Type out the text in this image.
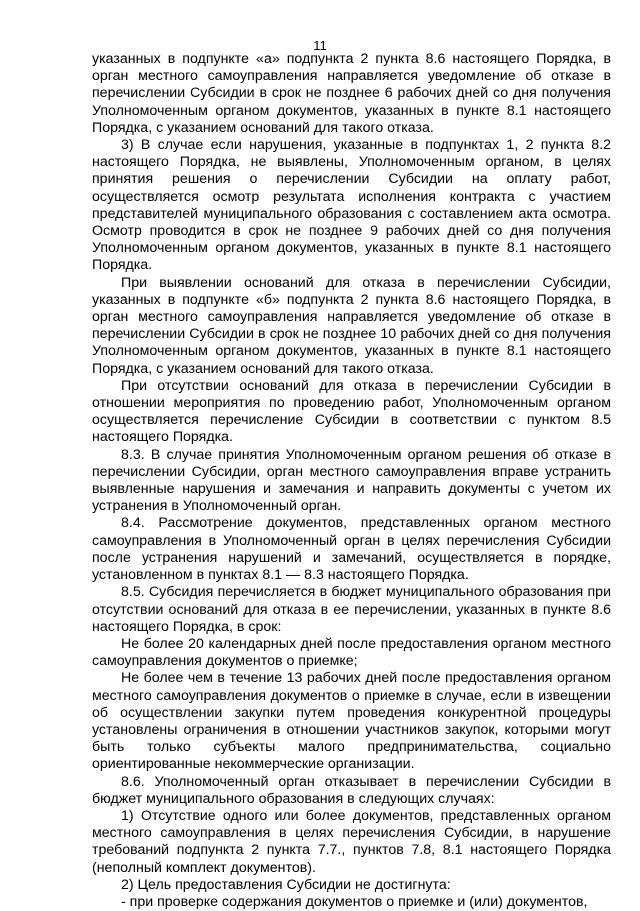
11

указанных в подпункте «а» подпункта 2 пункта 8.6 настоящего Порядка, в орган местного самоуправления направляется уведомление об отказе в перечислении Субсидии в срок не позднее 6 рабочих дней со дня получения Уполномоченным органом документов, указанных в пункте 8.1 настоящего Порядка, с указанием оснований для такого отказа.

3) В случае если нарушения, указанные в подпунктах 1, 2 пункта 8.2 настоящего Порядка, не выявлены, Уполномоченным органом, в целях принятия решения о перечислении Субсидии на оплату работ, осуществляется осмотр результата исполнения контракта с участием представителей муниципального образования с составлением акта осмотра. Осмотр проводится в срок не позднее 9 рабочих дней со дня получения Уполномоченным органом документов, указанных в пункте 8.1 настоящего Порядка.

При выявлении оснований для отказа в перечислении Субсидии, указанных в подпункте «б» подпункта 2 пункта 8.6 настоящего Порядка, в орган местного самоуправления направляется уведомление об отказе в перечислении Субсидии в срок не позднее 10 рабочих дней со дня получения Уполномоченным органом документов, указанных в пункте 8.1 настоящего Порядка, с указанием оснований для такого отказа.

При отсутствии оснований для отказа в перечислении Субсидии в отношении мероприятия по проведению работ, Уполномоченным органом осуществляется перечисление Субсидии в соответствии с пунктом 8.5 настоящего Порядка.

8.3. В случае принятия Уполномоченным органом решения об отказе в перечислении Субсидии, орган местного самоуправления вправе устранить выявленные нарушения и замечания и направить документы с учетом их устранения в Уполномоченный орган.

8.4. Рассмотрение документов, представленных органом местного самоуправления в Уполномоченный орган в целях перечисления Субсидии после устранения нарушений и замечаний, осуществляется в порядке, установленном в пунктах 8.1 — 8.3 настоящего Порядка.

8.5. Субсидия перечисляется в бюджет муниципального образования при отсутствии оснований для отказа в ее перечислении, указанных в пункте 8.6 настоящего Порядка, в срок:

Не более 20 календарных дней после предоставления органом местного самоуправления документов о приемке;

Не более чем в течение 13 рабочих дней после предоставления органом местного самоуправления документов о приемке в случае, если в извещении об осуществлении закупки путем проведения конкурентной процедуры установлены ограничения в отношении участников закупок, которыми могут быть только субъекты малого предпринимательства, социально ориентированные некоммерческие организации.

8.6. Уполномоченный орган отказывает в перечислении Субсидии в бюджет муниципального образования в следующих случаях:

1) Отсутствие одного или более документов, представленных органом местного самоуправления в целях перечисления Субсидии, в нарушение требований подпункта 2 пункта 7.7., пунктов 7.8, 8.1 настоящего Порядка (неполный комплект документов).

2) Цель предоставления Субсидии не достигнута:

- при проверке содержания документов о приемке и (или) документов,
